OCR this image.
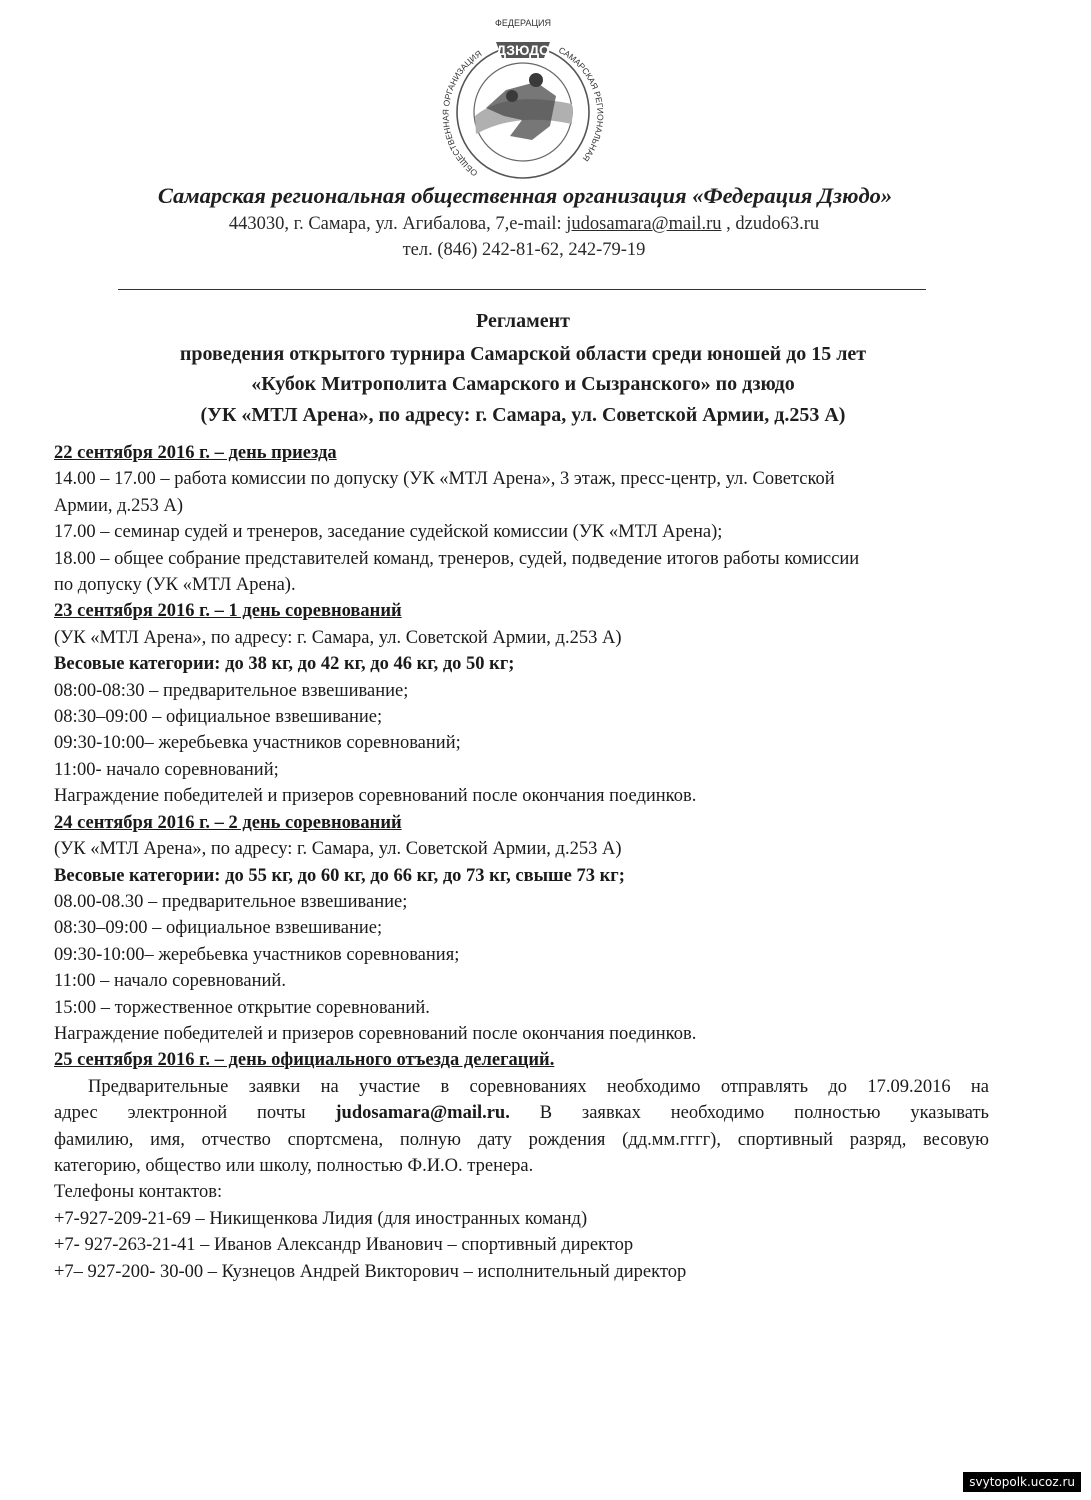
ФЕДЕРАЦИЯ
ДЗЮДО
ОБЩЕСТВЕННАЯ ОРГАНИЗАЦИЯ	САМАРСКАЯ РЕГИОНАЛЬНАЯ
Самарская региональная общественная организация «Федерация Дзюдо»
443030, г. Самара, ул. Агибалова, 7,e-mail: judosamara@mail.ru , dzudo63.ru
тел. (846) 242-81-62, 242-79-19
Регламент
проведения открытого турнира Самарской области среди юношей до 15 лет
«Кубок Митрополита Самарского и Сызранского» по дзюдо
(УК «МТЛ Арена», по адресу: г. Самара, ул. Советской Армии, д.253 А)
22 сентября 2016 г. – день приезда
14.00 – 17.00 – работа комиссии по допуску (УК «МТЛ Арена», 3 этаж, пресс-центр, ул. Советской
Армии, д.253 А)
17.00 – семинар судей и тренеров, заседание судейской комиссии (УК «МТЛ Арена);
18.00 – общее собрание представителей команд, тренеров, судей, подведение итогов работы комиссии
по допуску (УК «МТЛ Арена).
23 сентября 2016 г. – 1 день соревнований
(УК «МТЛ Арена», по адресу: г. Самара, ул. Советской Армии, д.253 А)
Весовые категории: до 38 кг, до 42 кг, до 46 кг, до 50 кг;
08:00-08:30 – предварительное взвешивание;
08:30–09:00 – официальное взвешивание;
09:30-10:00– жеребьевка участников соревнований;
11:00- начало соревнований;
Награждение победителей и призеров соревнований после окончания поединков.
24 сентября 2016 г. – 2 день соревнований
(УК «МТЛ Арена», по адресу: г. Самара, ул. Советской Армии, д.253 А)
Весовые категории: до 55 кг, до 60 кг, до 66 кг, до 73 кг, свыше 73 кг;
08.00-08.30 – предварительное взвешивание;
08:30–09:00 – официальное взвешивание;
09:30-10:00– жеребьевка участников соревнования;
11:00 – начало соревнований.
15:00 – торжественное открытие соревнований.
Награждение победителей и призеров соревнований после окончания поединков.
25 сентября 2016 г. – день официального отъезда делегаций.
Предварительные заявки на участие в соревнованиях необходимо отправлять до 17.09.2016 на
адрес электронной почты judosamara@mail.ru. В заявках необходимо полностью указывать
фамилию, имя, отчество спортсмена, полную дату рождения (дд.мм.гггг), спортивный разряд, весовую
категорию, общество или школу, полностью Ф.И.О. тренера.
Телефоны контактов:
+7-927-209-21-69 – Никищенкова Лидия (для иностранных команд)
+7- 927-263-21-41 – Иванов Александр Иванович – спортивный директор
+7– 927-200- 30-00 – Кузнецов Андрей Викторович – исполнительный директор
svytopolk.ucoz.ru
